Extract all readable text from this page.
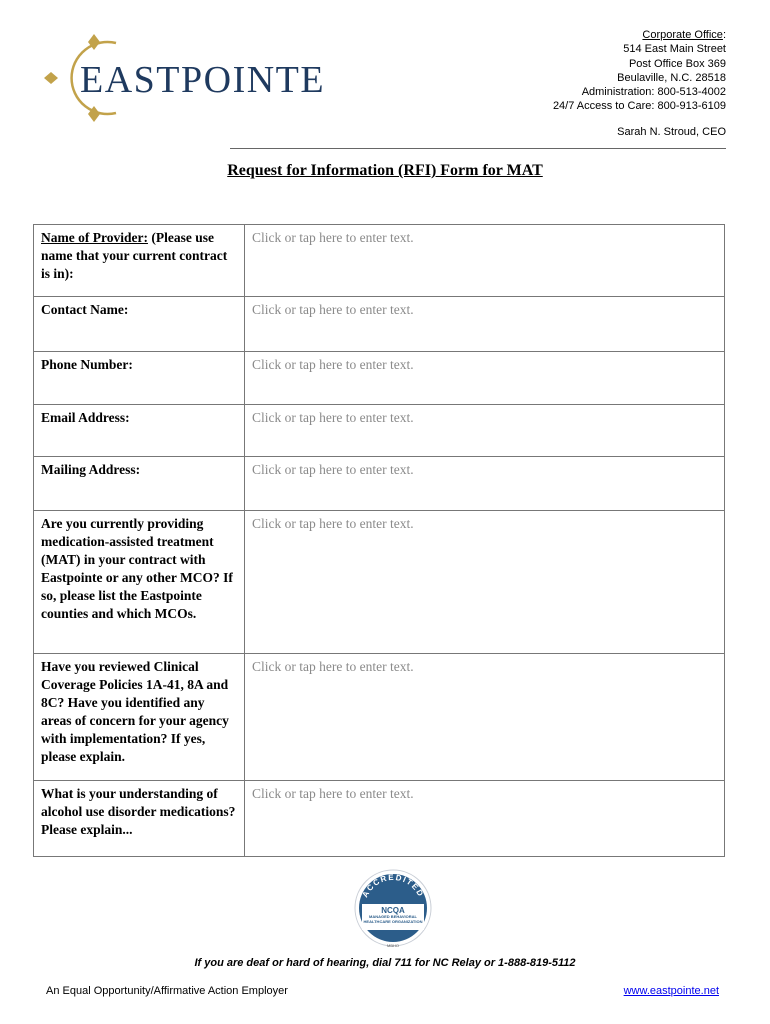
EASTPOINTE
Corporate Office:
514 East Main Street
Post Office Box 369
Beulaville, N.C. 28518
Administration: 800-513-4002
24/7 Access to Care: 800-913-6109
Sarah N. Stroud, CEO
Request for Information (RFI) Form for MAT
Name of Provider: (Please use name that your current contract is in):	Click or tap here to enter text.
Contact Name:	Click or tap here to enter text.
Phone Number:	Click or tap here to enter text.
Email Address:	Click or tap here to enter text.
Mailing Address:	Click or tap here to enter text.
Are you currently providing medication-assisted treatment (MAT) in your contract with Eastpointe or any other MCO? If so, please list the Eastpointe counties and which MCOs.	Click or tap here to enter text.
Have you reviewed Clinical Coverage Policies 1A-41, 8A and 8C? Have you identified any areas of concern for your agency with implementation? If yes, please explain.	Click or tap here to enter text.
What is your understanding of alcohol use disorder medications? Please explain...	Click or tap here to enter text.
ACCREDITED
NCQA
MANAGED BEHAVIORAL HEALTHCARE ORGANIZATION
MBHO
If you are deaf or hard of hearing, dial 711 for NC Relay or 1-888-819-5112
An Equal Opportunity/Affirmative Action Employer	www.eastpointe.net
